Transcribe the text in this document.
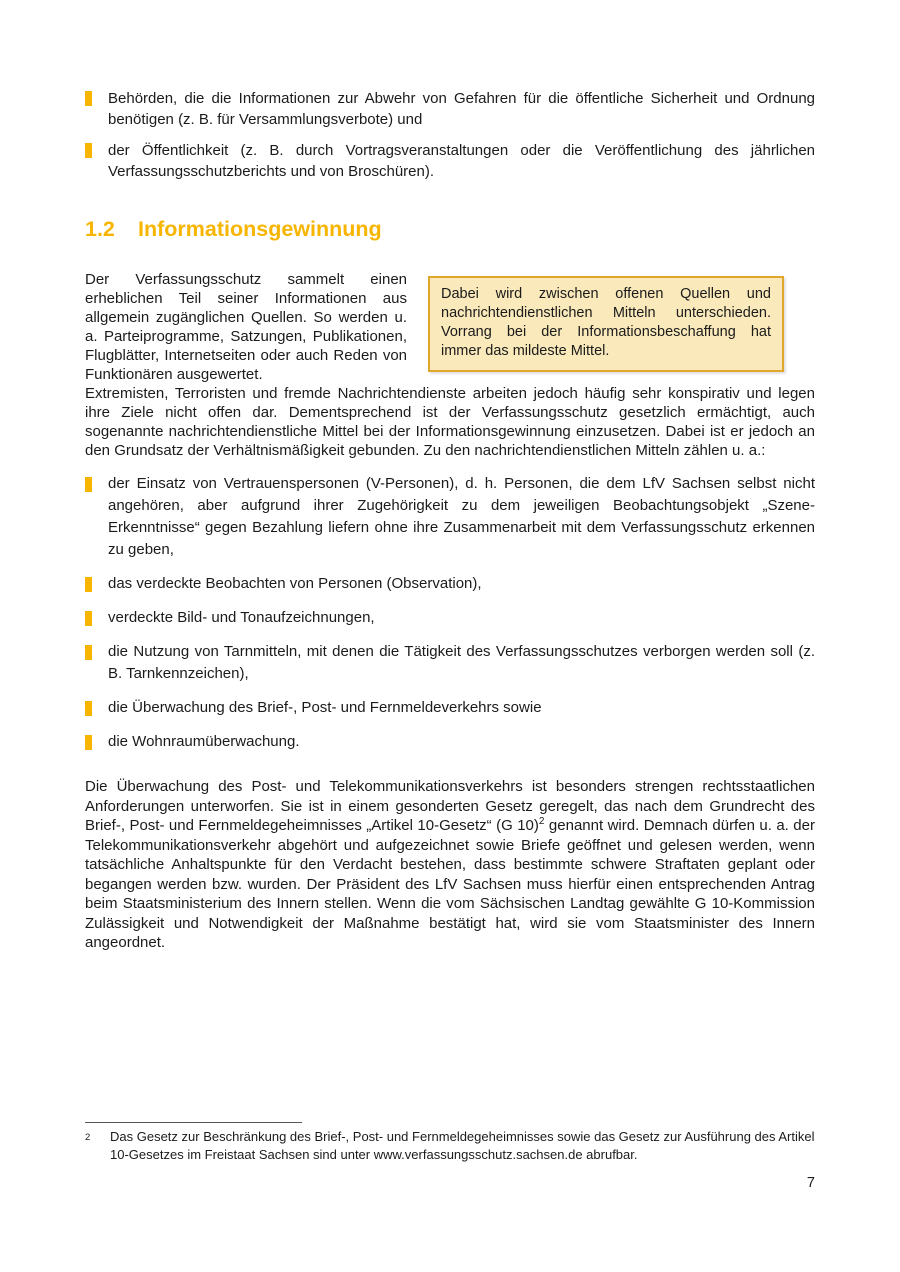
Behörden, die die Informationen zur Abwehr von Gefahren für die öffentliche Sicherheit und Ordnung benötigen (z. B. für Versammlungsverbote) und
der Öffentlichkeit (z. B. durch Vortragsveranstaltungen oder die Veröffentlichung des jährlichen Verfassungsschutzberichts und von Broschüren).
1.2	Informationsgewinnung

Der Verfassungsschutz sammelt einen erheblichen Teil seiner Informationen aus allgemein zugänglichen Quellen. So werden u. a. Parteiprogramme, Satzungen, Publikationen, Flugblätter, Internetseiten oder auch Reden von Funktionären ausgewertet.

Dabei wird zwischen offenen Quellen und nachrichtendienstlichen Mitteln unterschieden. Vorrang bei der Informationsbeschaffung hat immer das mildeste Mittel.

Extremisten, Terroristen und fremde Nachrichtendienste arbeiten jedoch häufig sehr konspirativ und legen ihre Ziele nicht offen dar. Dementsprechend ist der Verfassungsschutz gesetzlich ermächtigt, auch sogenannte nachrichtendienstliche Mittel bei der Informationsgewinnung einzusetzen. Dabei ist er jedoch an den Grundsatz der Verhältnismäßigkeit gebunden. Zu den nachrichtendienstlichen Mitteln zählen u. a.:

der Einsatz von Vertrauenspersonen (V-Personen), d. h. Personen, die dem LfV Sachsen selbst nicht angehören, aber aufgrund ihrer Zugehörigkeit zu dem jeweiligen Beobachtungsobjekt „Szene-Erkenntnisse“ gegen Bezahlung liefern ohne ihre Zusammenarbeit mit dem Verfassungsschutz erkennen zu geben,
das verdeckte Beobachten von Personen (Observation),
verdeckte Bild- und Tonaufzeichnungen,
die Nutzung von Tarnmitteln, mit denen die Tätigkeit des Verfassungsschutzes verborgen werden soll (z. B. Tarnkennzeichen),
die Überwachung des Brief-, Post- und Fernmeldeverkehrs sowie
die Wohnraumüberwachung.

Die Überwachung des Post- und Telekommunikationsverkehrs ist besonders strengen rechtsstaatlichen Anforderungen unterworfen. Sie ist in einem gesonderten Gesetz geregelt, das nach dem Grundrecht des Brief-, Post- und Fernmeldegeheimnisses „Artikel 10-Gesetz“ (G 10)$^2$ genannt wird. Demnach dürfen u. a. der Telekommunikationsverkehr abgehört und aufgezeichnet sowie Briefe geöffnet und gelesen werden, wenn tatsächliche Anhaltspunkte für den Verdacht bestehen, dass bestimmte schwere Straftaten geplant oder begangen werden bzw. wurden. Der Präsident des LfV Sachsen muss hierfür einen entsprechenden Antrag beim Staatsministerium des Innern stellen. Wenn die vom Sächsischen Landtag gewählte G 10-Kommission Zulässigkeit und Notwendigkeit der Maßnahme bestätigt hat, wird sie vom Staatsminister des Innern angeordnet.

2	Das Gesetz zur Beschränkung des Brief-, Post- und Fernmeldegeheimnisses sowie das Gesetz zur Ausführung des Artikel 10-Gesetzes im Freistaat Sachsen sind unter www.verfassungsschutz.sachsen.de abrufbar.
7
